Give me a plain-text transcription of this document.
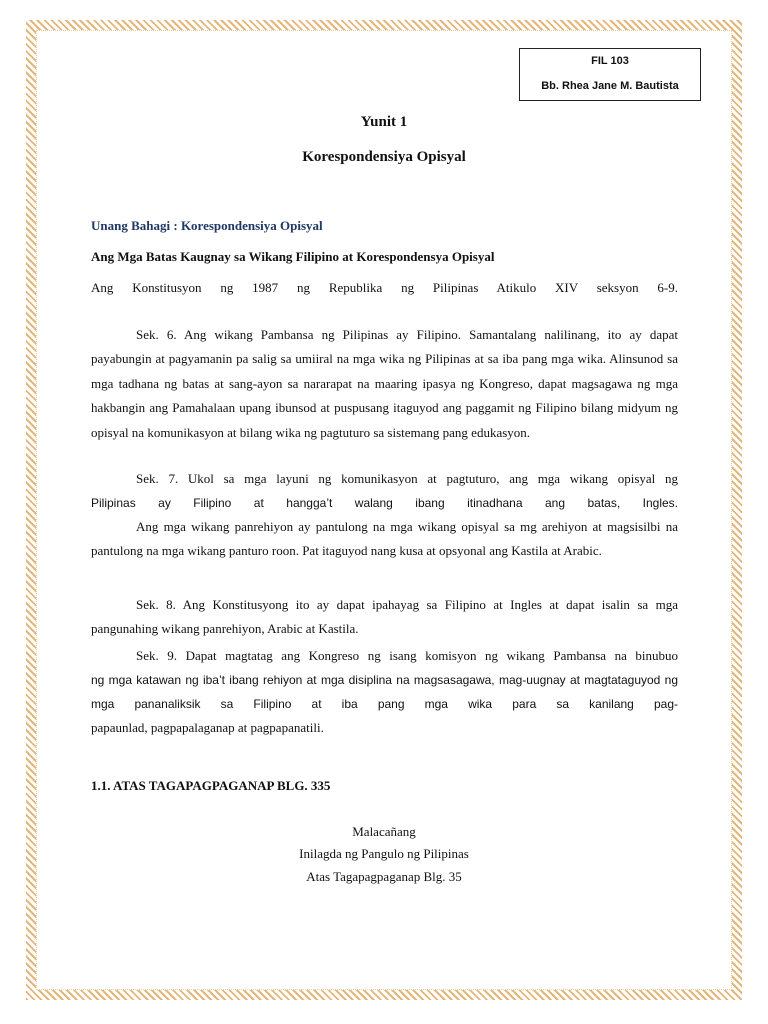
FIL 103
Bb. Rhea Jane M. Bautista
Yunit 1
Korespondensiya Opisyal
Unang Bahagi : Korespondensiya Opisyal
Ang Mga Batas Kaugnay sa Wikang Filipino at Korespondensya Opisyal
Ang Konstitusyon ng 1987 ng Republika ng Pilipinas Atikulo XIV seksyon 6-9.
Sek. 6. Ang wikang Pambansa ng Pilipinas ay Filipino. Samantalang nalilinang, ito ay dapat payabungin at pagyamanin pa salig sa umiiral na mga wika ng Pilipinas at sa iba pang mga wika. Alinsunod sa mga tadhana ng batas at sang-ayon sa nararapat na maaring ipasya ng Kongreso, dapat magsagawa ng mga hakbangin ang Pamahalaan upang ibunsod at puspusang itaguyod ang paggamit ng Filipino bilang midyum ng opisyal na komunikasyon at bilang wika ng pagtuturo sa sistemang pang edukasyon.
Sek. 7. Ukol sa mga layuni ng komunikasyon at pagtuturo, ang mga wikang opisyal ng
Pilipinas ay Filipino at hangga’t walang ibang itinadhana ang batas, Ingles.
Ang mga wikang panrehiyon ay pantulong na mga wikang opisyal sa mg arehiyon at magsisilbi na pantulong na mga wikang panturo roon. Pat itaguyod nang kusa at opsyonal ang Kastila at Arabic.
Sek. 8. Ang Konstitusyong ito ay dapat ipahayag sa Filipino at Ingles at dapat isalin sa mga pangunahing wikang panrehiyon, Arabic at Kastila.
Sek. 9. Dapat magtatag ang Kongreso ng isang komisyon ng wikang Pambansa na binubuo
ng mga katawan ng iba’t ibang rehiyon at mga disiplina na magsasagawa, mag-uugnay at magtataguyod ng mga pananaliksik sa Filipino at iba pang mga wika para sa kanilang pag-
papaunlad, pagpapalaganap at pagpapanatili.
1.1. ATAS TAGAPAGPAGANAP BLG. 335
Malacañang
Inilagda ng Pangulo ng Pilipinas
Atas Tagapagpaganap Blg. 35
